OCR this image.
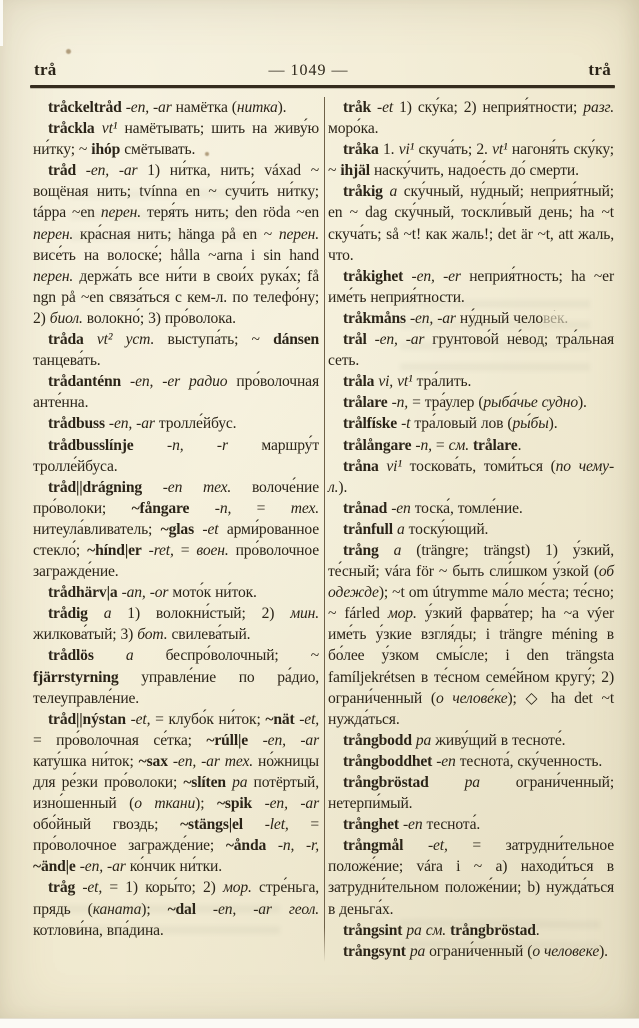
trå	— 1049 —	trå

tråckeltråd -en, -ar намётка (нитка).

tråckla vt¹ намётывать; шить на живу́ю ни́тку; ~ ihóp смётывать.

tråd -en, -ar 1) ни́тка, нить; váxad ~ вощёная нить; tvínna en ~ сучи́ть ни́тку; táppa ~en перен. теря́ть нить; den röda ~en перен. кра́сная нить; hänga på en ~ перен. висе́ть на волоске́; hålla ~arna i sin hand перен. держа́ть все ни́ти в свои́х рука́х; få ngn på ~en связа́ться с кем-л. по телефо́ну; 2) биол. волокно́; 3) про́волока.

tråda vt² уст. выступа́ть; ~ dánsen танцева́ть.

trådanténn -en, -er радио про́волочная анте́нна.

trådbuss -en, -ar тролле́йбус.

trådbusslínje -n, -r маршру́т тролле́йбуса.

tråd||drágning -en тех. волоче́ние про́волоки; ~fångare -n, = тех. нитеула́вливатель; ~glas -et арми́рованное стекло́; ~hínd|er -ret, = воен. про́волочное загражде́ние.

trådhärv|a -an, -or мото́к ни́ток.

trådig a 1) волокни́стый; 2) мин. жилкова́тый; 3) бот. свилева́тый.

trådlös a беспро́волочный; ~ fjärrstyrning управле́ние по ра́дио, телеуправле́ние.

tråd||nýstan -et, = клубо́к ни́ток; ~nät -et, = про́волочная се́тка; ~rúll|e -en, -ar кату́шка ни́ток; ~sax -en, -ar тех. но́жницы для ре́зки про́волоки; ~slíten pa потёртый, изно́шенный (о ткани); ~spik -en, -ar обо́йный гвоздь; ~stängs|el -let, = про́волочное загражде́ние; ~ånda -n, -r, ~änd|e -en, -ar ко́нчик ни́тки.

tråg -et, = 1) коры́то; 2) мор. стре́ньга, прядь (каната); ~dal -en, -ar геол. котлови́на, впа́дина.

tråk -et 1) ску́ка; 2) неприя́тности; разг. моро́ка.

tråka 1. vi¹ скуча́ть; 2. vt¹ нагоня́ть ску́ку; ~ ihjäl наску́чить, надое́сть до́ смерти.

tråkig a ску́чный, ну́дный; неприя́тный; en ~ dag ску́чный, тоскли́вый день; ha ~t скуча́ть; så ~t! как жаль!; det är ~t, att жаль, что.

tråkighet -en, -er неприя́тность; ha ~er име́ть неприя́тности.

tråkmåns -en, -ar ну́дный челове́к.

trål -en, -ar грунтово́й не́вод; тра́льная сеть.

tråla vi, vt¹ тра́лить.

trålare -n, = тра́улер (рыба́чье судно).

trålfíske -t тра́ловый лов (ры́бы).

trålångare -n, = см. trålare.

tråna vi¹ тоскова́ть, томи́ться (по чему-л.).

trånad -en тоска́, томле́ние.

trånfull a тоску́ющий.

trång a (trängre; trängst) 1) у́зкий, те́сный; vára för ~ быть сли́шком у́зкой (об одежде); ~t om útrymme ма́ло ме́ста; те́сно; ~ fárled мор. у́зкий фарва́тер; ha ~a výer име́ть у́зкие взгля́ды; i trängre méning в бо́лее у́зком смы́сле; i den trängsta famíljekrétsen в те́сном семе́йном кругу́; 2) ограни́ченный (о челове́ке); ◇ ha det ~t нужда́ться.

trångbodd pa живу́щий в тесноте́.

trångboddhet -en теснота́, ску́ченность.

trångbröstad pa ограни́ченный; нетерпи́мый.

trånghet -en теснота́.

trångmål -et, = затрудни́тельное положе́ние; vára i ~ a) находи́ться в затрудни́тельном положе́нии; b) нужда́ться в деньга́х.

trångsint pa см. trångbröstad.

trångsynt pa ограни́ченный (о человеке).
